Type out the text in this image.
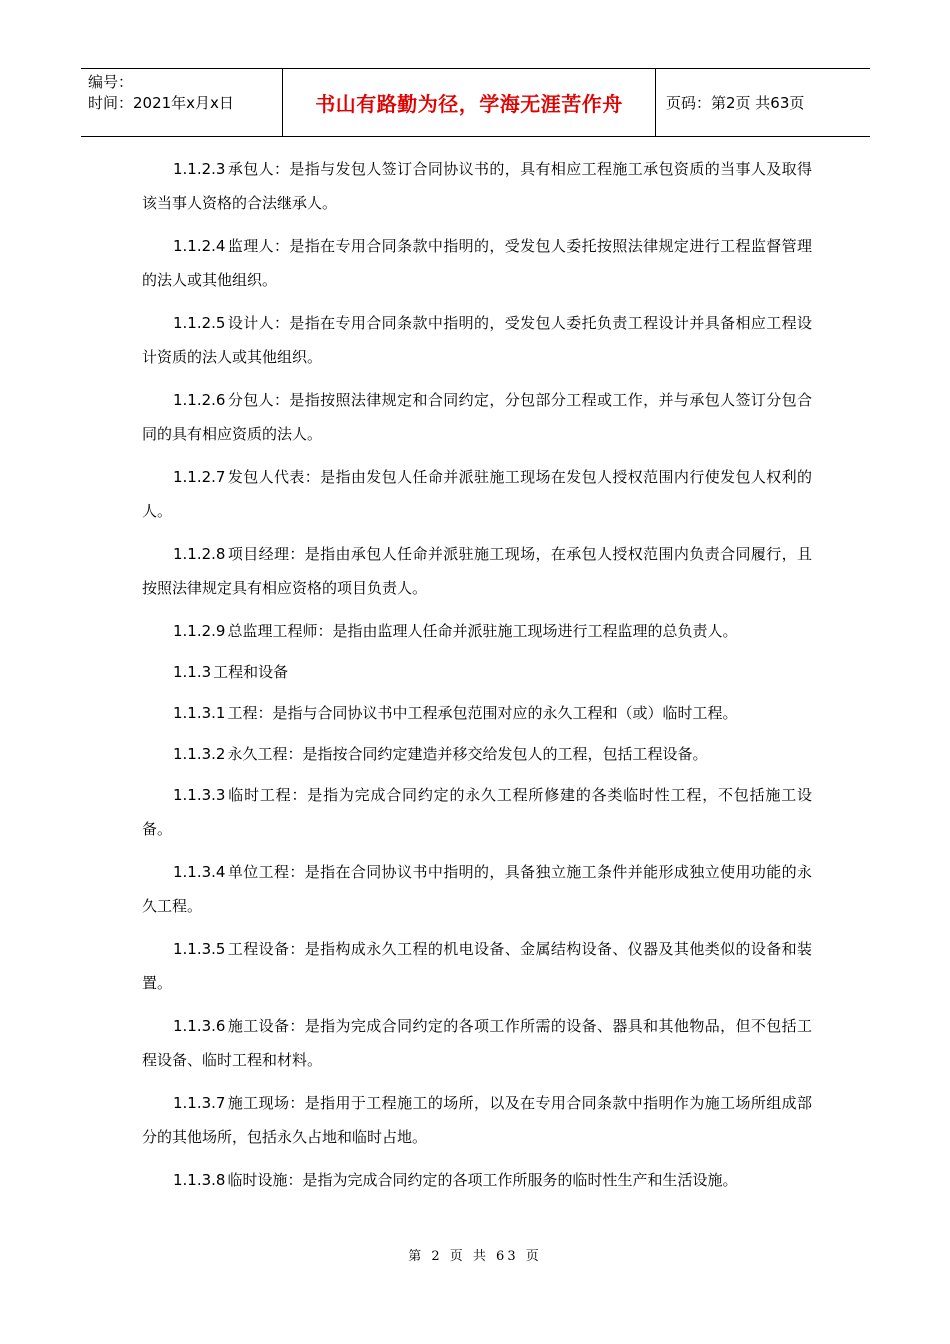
编号：
时间：2021年x月x日	书山有路勤为径，学海无涯苦作舟	页码：第2页 共63页

1.1.2.3 承包人：是指与发包人签订合同协议书的，具有相应工程施工承包资质的当事人及取得该当事人资格的合法继承人。

1.1.2.4 监理人：是指在专用合同条款中指明的，受发包人委托按照法律规定进行工程监督管理的法人或其他组织。

1.1.2.5 设计人：是指在专用合同条款中指明的，受发包人委托负责工程设计并具备相应工程设计资质的法人或其他组织。

1.1.2.6 分包人：是指按照法律规定和合同约定，分包部分工程或工作，并与承包人签订分包合同的具有相应资质的法人。

1.1.2.7 发包人代表：是指由发包人任命并派驻施工现场在发包人授权范围内行使发包人权利的人。

1.1.2.8 项目经理：是指由承包人任命并派驻施工现场，在承包人授权范围内负责合同履行，且按照法律规定具有相应资格的项目负责人。

1.1.2.9 总监理工程师：是指由监理人任命并派驻施工现场进行工程监理的总负责人。

1.1.3 工程和设备

1.1.3.1 工程：是指与合同协议书中工程承包范围对应的永久工程和（或）临时工程。

1.1.3.2 永久工程：是指按合同约定建造并移交给发包人的工程，包括工程设备。

1.1.3.3 临时工程：是指为完成合同约定的永久工程所修建的各类临时性工程，不包括施工设备。

1.1.3.4 单位工程：是指在合同协议书中指明的，具备独立施工条件并能形成独立使用功能的永久工程。

1.1.3.5 工程设备：是指构成永久工程的机电设备、金属结构设备、仪器及其他类似的设备和装置。

1.1.3.6 施工设备：是指为完成合同约定的各项工作所需的设备、器具和其他物品，但不包括工程设备、临时工程和材料。

1.1.3.7 施工现场：是指用于工程施工的场所，以及在专用合同条款中指明作为施工场所组成部分的其他场所，包括永久占地和临时占地。

1.1.3.8 临时设施：是指为完成合同约定的各项工作所服务的临时性生产和生活设施。

第 2 页 共 63 页
